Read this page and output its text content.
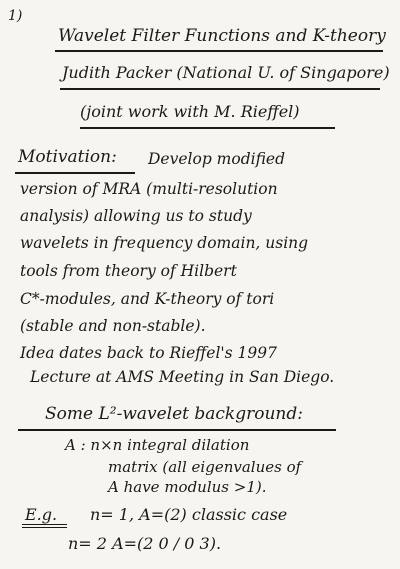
1)
Wavelet Filter Functions and K-theory
Judith Packer (National U. of Singapore)
(joint work with M. Rieffel)
Motivation: Develop modified
version of MRA (multi-resolution
analysis) allowing us to study
wavelets in frequency domain, using
tools from theory of Hilbert
C*-modules, and K-theory of tori
(stable and non-stable).
Idea dates back to Rieffel's 1997
Lecture at AMS Meeting in San Diego.
Some L²-wavelet background:
A : n×n integral dilation
matrix (all eigenvalues of
A have modulus >1).
E.g. n= 1, A=(2) classic case
n= 2 A=(2 0 / 0 3).
